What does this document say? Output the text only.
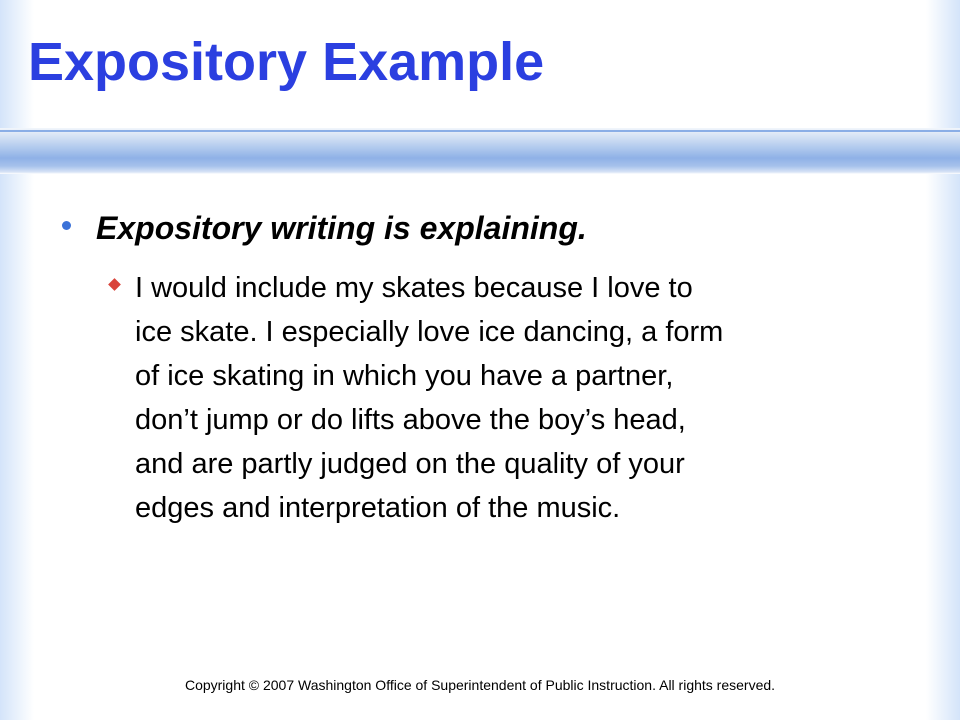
Expository Example
Expository writing is explaining.
I would include my skates because I love to
ice skate. I especially love ice dancing, a form
of ice skating in which you have a partner,
don’t jump or do lifts above the boy’s head,
and are partly judged on the quality of your
edges and interpretation of the music.
Copyright © 2007 Washington Office of Superintendent of Public Instruction. All rights reserved.
